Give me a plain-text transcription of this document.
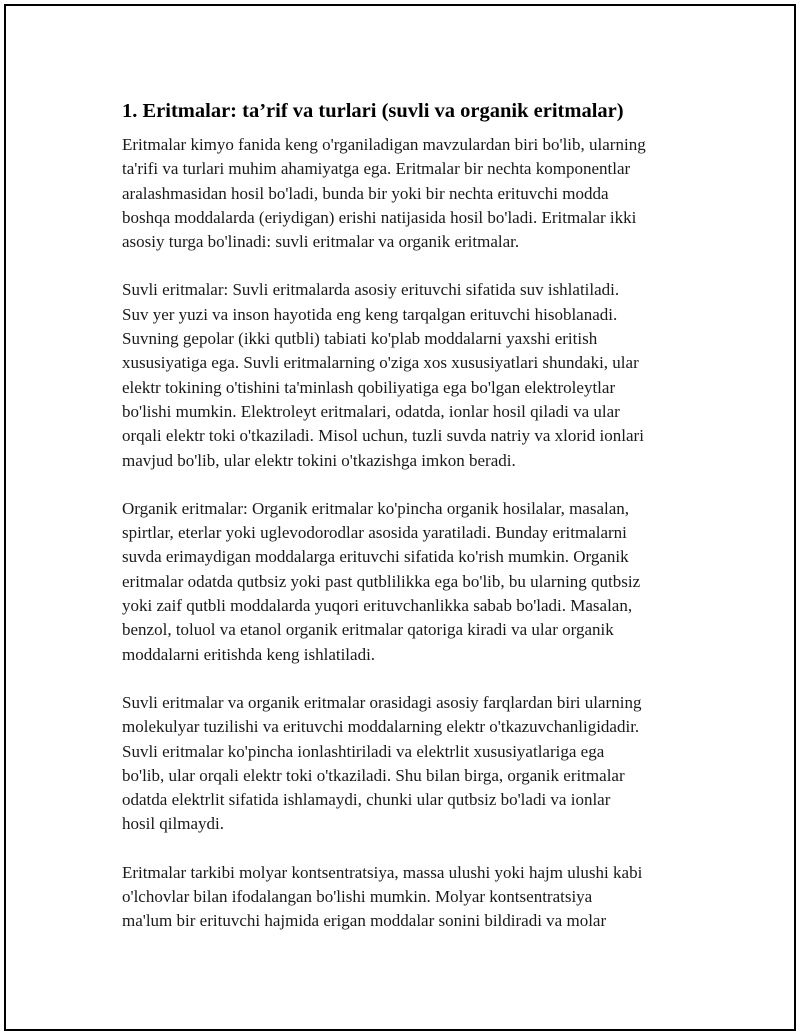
1. Eritmalar: ta’rif va turlari (suvli va organik eritmalar)
Eritmalar kimyo fanida keng o'rganiladigan mavzulardan biri bo'lib, ularning
ta'rifi va turlari muhim ahamiyatga ega. Eritmalar bir nechta komponentlar
aralashmasidan hosil bo'ladi, bunda bir yoki bir nechta erituvchi modda
boshqa moddalarda (eriydigan) erishi natijasida hosil bo'ladi. Eritmalar ikki
asosiy turga bo'linadi: suvli eritmalar va organik eritmalar.
Suvli eritmalar: Suvli eritmalarda asosiy erituvchi sifatida suv ishlatiladi.
Suv yer yuzi va inson hayotida eng keng tarqalgan erituvchi hisoblanadi.
Suvning gepolar (ikki qutbli) tabiati ko'plab moddalarni yaxshi eritish
xususiyatiga ega. Suvli eritmalarning o'ziga xos xususiyatlari shundaki, ular
elektr tokining o'tishini ta'minlash qobiliyatiga ega bo'lgan elektroleytlar
bo'lishi mumkin. Elektroleyt eritmalari, odatda, ionlar hosil qiladi va ular
orqali elektr toki o'tkaziladi. Misol uchun, tuzli suvda natriy va xlorid ionlari
mavjud bo'lib, ular elektr tokini o'tkazishga imkon beradi.
Organik eritmalar: Organik eritmalar ko'pincha organik hosilalar, masalan,
spirtlar, eterlar yoki uglevodorodlar asosida yaratiladi. Bunday eritmalarni
suvda erimaydigan moddalarga erituvchi sifatida ko'rish mumkin. Organik
eritmalar odatda qutbsiz yoki past qutblilikka ega bo'lib, bu ularning qutbsiz
yoki zaif qutbli moddalarda yuqori erituvchanlikka sabab bo'ladi. Masalan,
benzol, toluol va etanol organik eritmalar qatoriga kiradi va ular organik
moddalarni eritishda keng ishlatiladi.
Suvli eritmalar va organik eritmalar orasidagi asosiy farqlardan biri ularning
molekulyar tuzilishi va erituvchi moddalarning elektr o'tkazuvchanligidadir.
Suvli eritmalar ko'pincha ionlashtiriladi va elektrlit xususiyatlariga ega
bo'lib, ular orqali elektr toki o'tkaziladi. Shu bilan birga, organik eritmalar
odatda elektrlit sifatida ishlamaydi, chunki ular qutbsiz bo'ladi va ionlar
hosil qilmaydi.
Eritmalar tarkibi molyar kontsentratsiya, massa ulushi yoki hajm ulushi kabi
o'lchovlar bilan ifodalangan bo'lishi mumkin. Molyar kontsentratsiya
ma'lum bir erituvchi hajmida erigan moddalar sonini bildiradi va molar
